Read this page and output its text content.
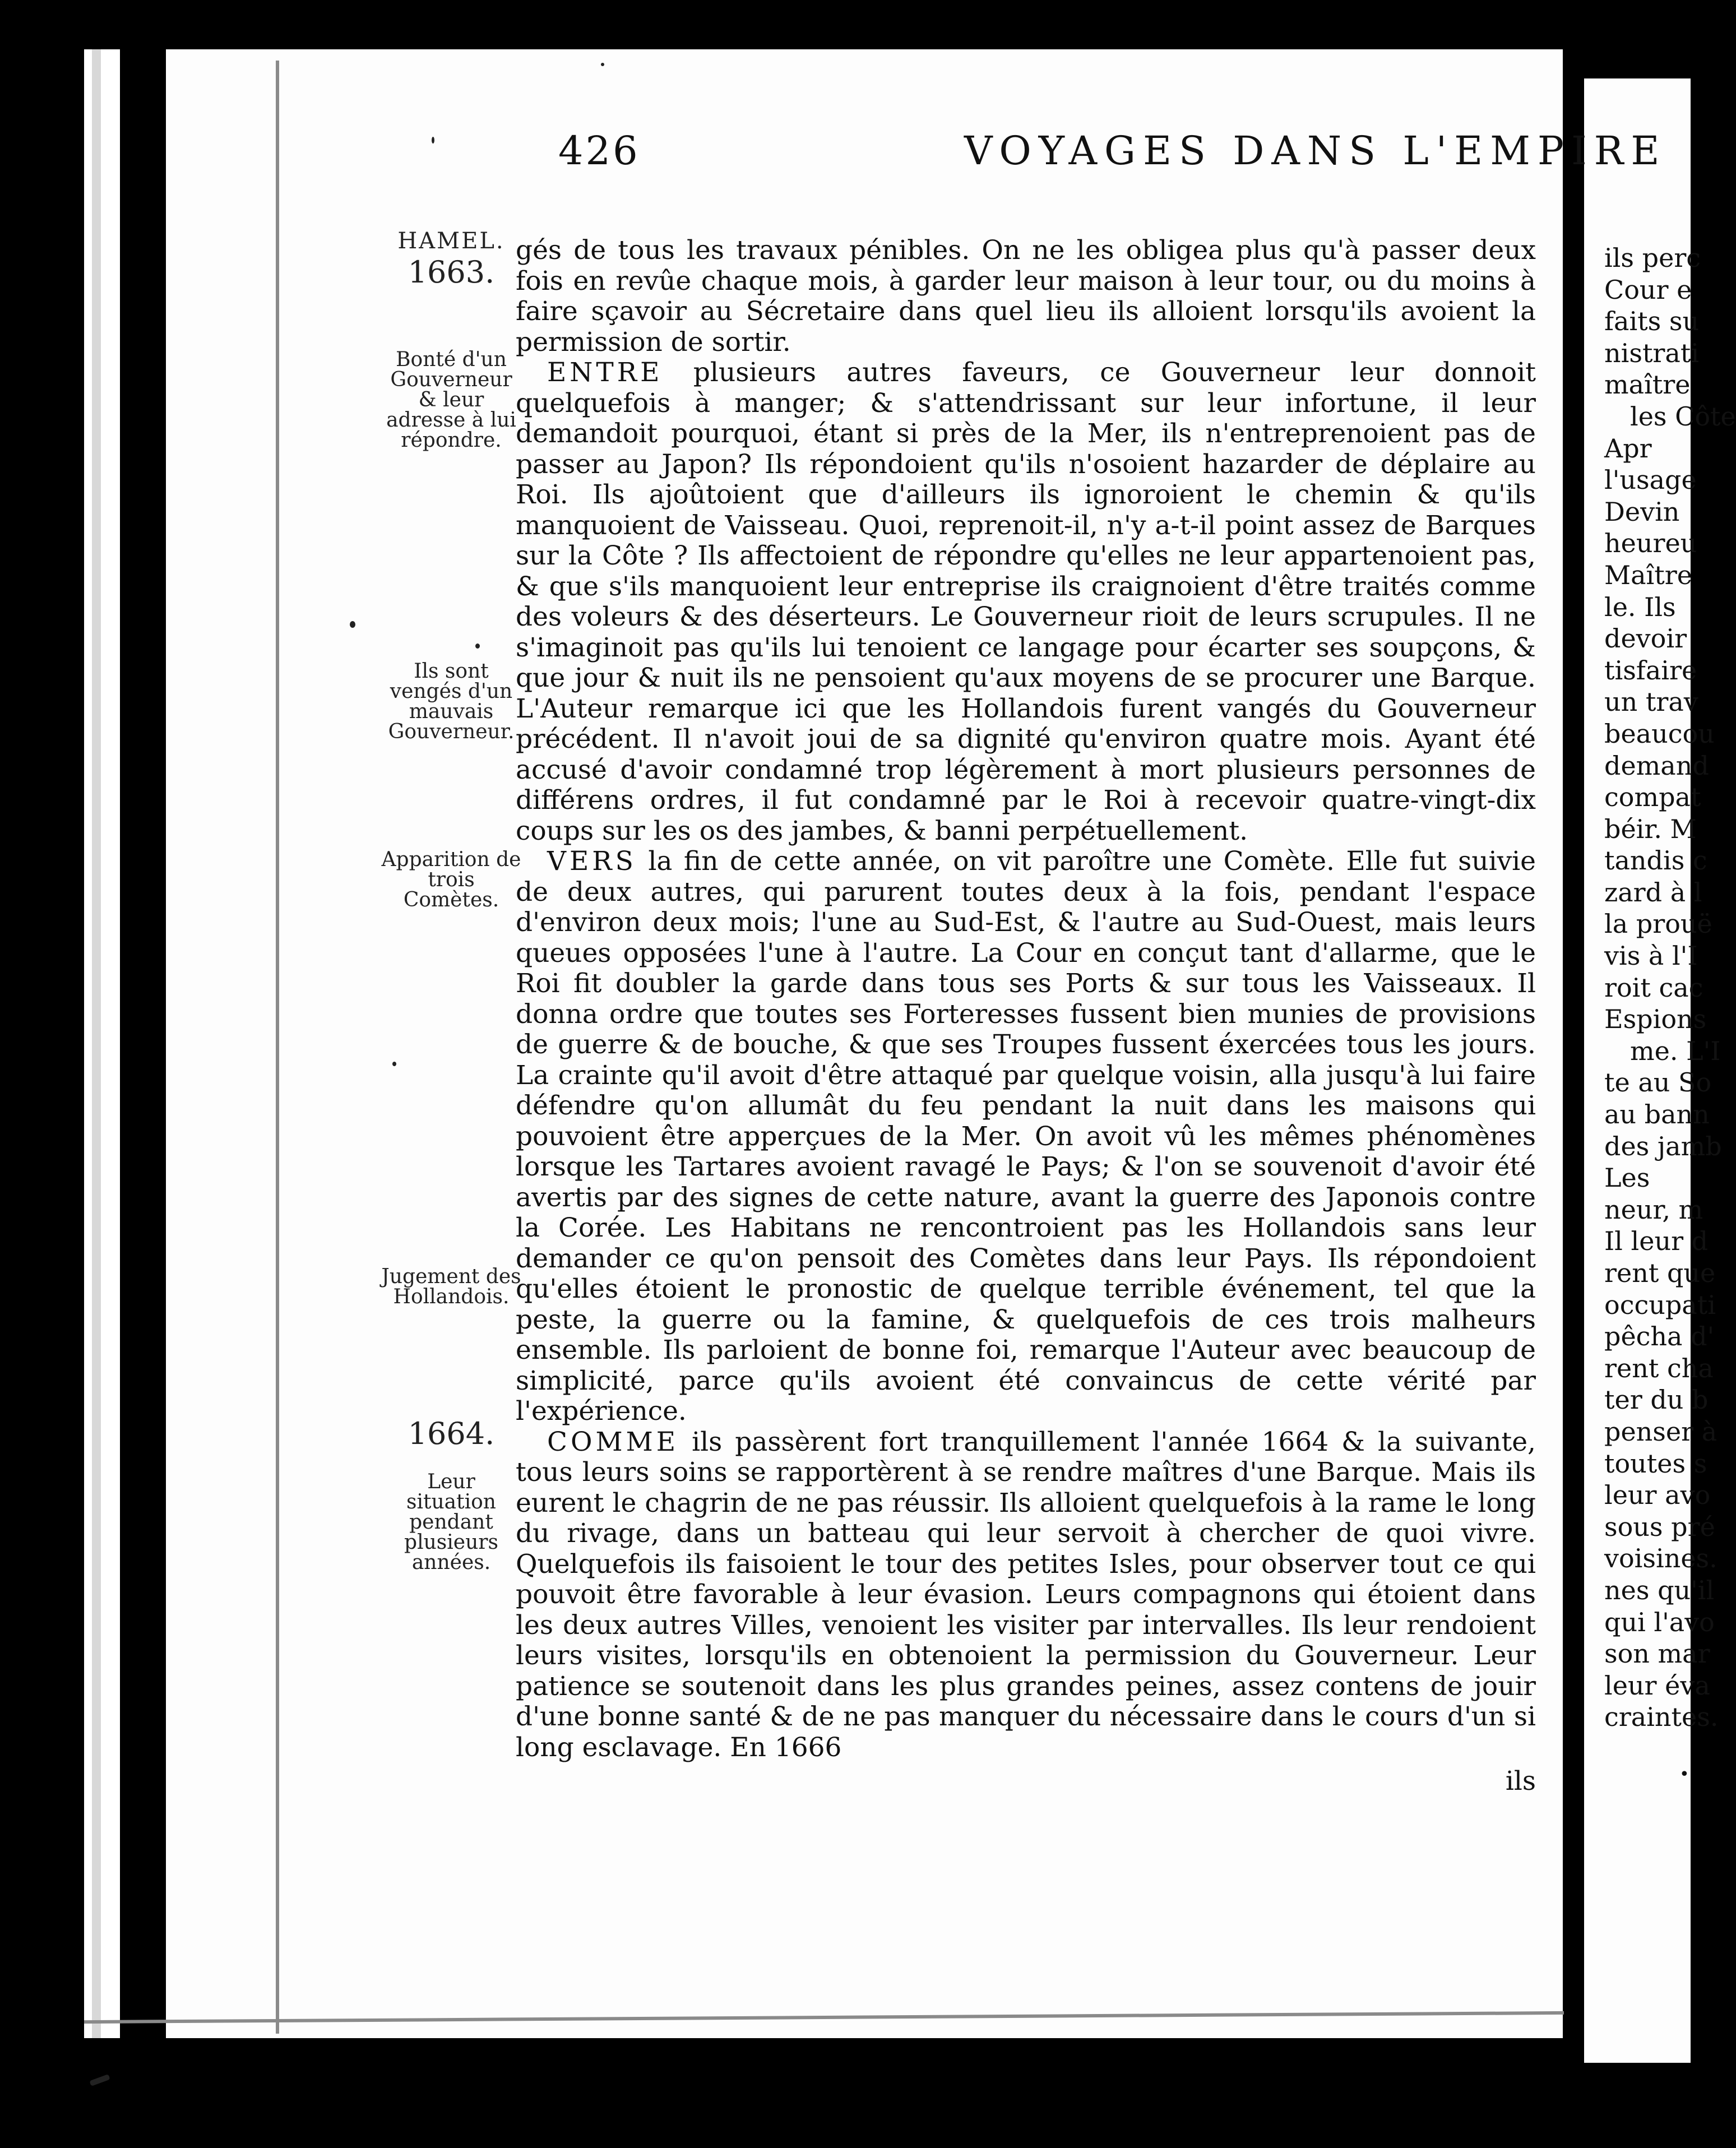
ils perc
Cour e
faits su
nistrati
maître
les Côte
Apr
l'usage
Devin
heureu
Maître
le. Ils
devoir
tisfaire
un trav
beaucou
demand
compat
béir. M
tandis c
zard à l
la prouë
vis à l'I
roit cac
Espions
me. L'I
te au So
au bann
des jamb
Les
neur, m
Il leur d
rent que
occupati
pêcha d'
rent cha
ter du b
penser à
toutes s
leur avo
sous pré
voisines.
nes qu'il
qui l'avo
son mar
leur éva
craintes.
•
426	VOYAGES DANS L'EMPIRE
HAMEL.
1663.
Bonté d'un Gouverneur & leur adresse à lui répondre.
Ils sont vengés d'un mauvais Gouverneur.
Apparition de trois Comètes.
Jugement des Hollandois.
1664.
Leur situation pendant plusieurs années.

gés de tous les travaux pénibles. On ne les obligea plus qu'à passer deux fois en revûe chaque mois, à garder leur maison à leur tour, ou du moins à faire sçavoir au Sécretaire dans quel lieu ils alloient lorsqu'ils avoient la permission de sortir.

ENTRE plusieurs autres faveurs, ce Gouverneur leur donnoit quelquefois à manger; & s'attendrissant sur leur infortune, il leur demandoit pourquoi, étant si près de la Mer, ils n'entreprenoient pas de passer au Japon? Ils répondoient qu'ils n'osoient hazarder de déplaire au Roi. Ils ajoûtoient que d'ailleurs ils ignoroient le chemin & qu'ils manquoient de Vaisseau. Quoi, reprenoit-il, n'y a-t-il point assez de Barques sur la Côte ? Ils affectoient de répondre qu'elles ne leur appartenoient pas, & que s'ils manquoient leur entreprise ils craignoient d'être traités comme des voleurs & des déserteurs. Le Gouverneur rioit de leurs scrupules. Il ne s'imaginoit pas qu'ils lui tenoient ce langage pour écarter ses soupçons, & que jour & nuit ils ne pensoient qu'aux moyens de se procurer une Barque. L'Auteur remarque ici que les Hollandois furent vangés du Gouverneur précédent. Il n'avoit joui de sa dignité qu'environ quatre mois. Ayant été accusé d'avoir condamné trop légèrement à mort plusieurs personnes de différens ordres, il fut condamné par le Roi à recevoir quatre-vingt-dix coups sur les os des jambes, & banni perpétuellement.

VERS la fin de cette année, on vit paroître une Comète. Elle fut suivie de deux autres, qui parurent toutes deux à la fois, pendant l'espace d'environ deux mois; l'une au Sud-Est, & l'autre au Sud-Ouest, mais leurs queues opposées l'une à l'autre. La Cour en conçut tant d'allarme, que le Roi fit doubler la garde dans tous ses Ports & sur tous les Vaisseaux. Il donna ordre que toutes ses Forteresses fussent bien munies de provisions de guerre & de bouche, & que ses Troupes fussent éxercées tous les jours. La crainte qu'il avoit d'être attaqué par quelque voisin, alla jusqu'à lui faire défendre qu'on allumât du feu pendant la nuit dans les maisons qui pouvoient être apperçues de la Mer. On avoit vû les mêmes phénomènes lorsque les Tartares avoient ravagé le Pays; & l'on se souvenoit d'avoir été avertis par des signes de cette nature, avant la guerre des Japonois contre la Corée. Les Habitans ne rencontroient pas les Hollandois sans leur demander ce qu'on pensoit des Comètes dans leur Pays. Ils répondoient qu'elles étoient le pronostic de quelque terrible événement, tel que la peste, la guerre ou la famine, & quelquefois de ces trois malheurs ensemble. Ils parloient de bonne foi, remarque l'Auteur avec beaucoup de simplicité, parce qu'ils avoient été convaincus de cette vérité par l'expérience.

COMME ils passèrent fort tranquillement l'année 1664 & la suivante, tous leurs soins se rapportèrent à se rendre maîtres d'une Barque. Mais ils eurent le chagrin de ne pas réussir. Ils alloient quelquefois à la rame le long du rivage, dans un batteau qui leur servoit à chercher de quoi vivre. Quelquefois ils faisoient le tour des petites Isles, pour observer tout ce qui pouvoit être favorable à leur évasion. Leurs compagnons qui étoient dans les deux autres Villes, venoient les visiter par intervalles. Ils leur rendoient leurs visites, lorsqu'ils en obtenoient la permission du Gouverneur. Leur patience se soutenoit dans les plus grandes peines, assez contens de jouir d'une bonne santé & de ne pas manquer du nécessaire dans le cours d'un si long esclavage. En 1666

ils
